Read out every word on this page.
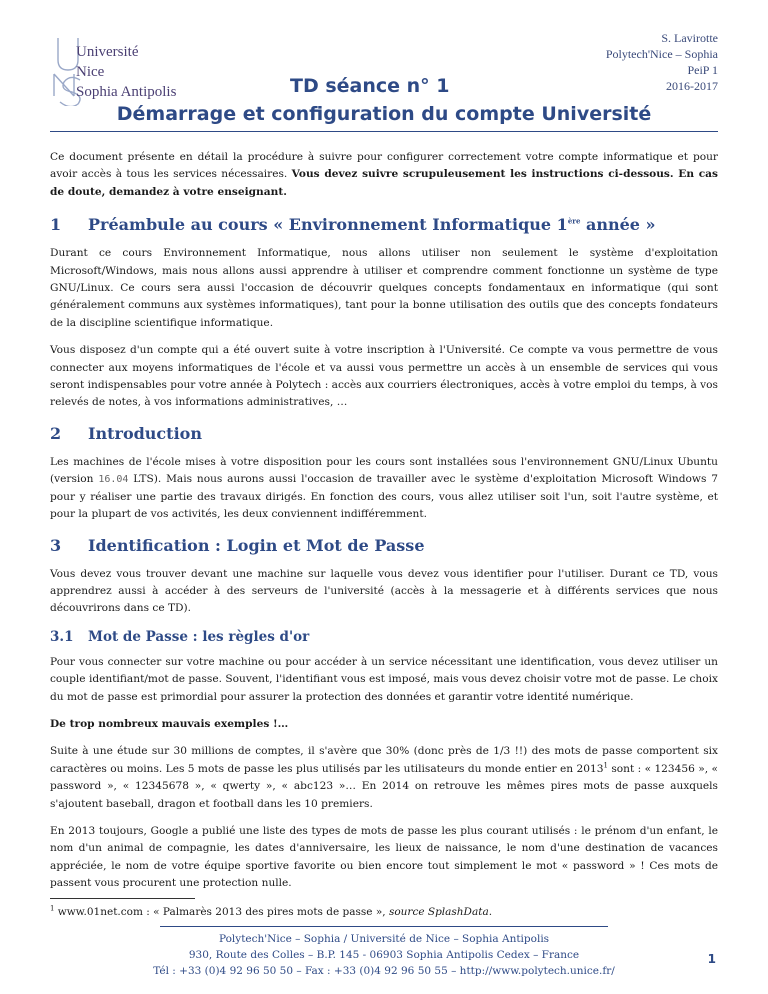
Université
Nice
Sophia Antipolis
S. Lavirotte
Polytech'Nice – Sophia
PeiP 1
2016-2017
TD séance n° 1
Démarrage et configuration du compte Université

Ce document présente en détail la procédure à suivre pour configurer correctement votre compte informatique et pour avoir accès à tous les services nécessaires. Vous devez suivre scrupuleusement les instructions ci-dessous. En cas de doute, demandez à votre enseignant.

1 Préambule au cours « Environnement Informatique 1ère année »

Durant ce cours Environnement Informatique, nous allons utiliser non seulement le système d'exploitation Microsoft/Windows, mais nous allons aussi apprendre à utiliser et comprendre comment fonctionne un système de type GNU/Linux. Ce cours sera aussi l'occasion de découvrir quelques concepts fondamentaux en informatique (qui sont généralement communs aux systèmes informatiques), tant pour la bonne utilisation des outils que des concepts fondateurs de la discipline scientifique informatique.

Vous disposez d'un compte qui a été ouvert suite à votre inscription à l'Université. Ce compte va vous permettre de vous connecter aux moyens informatiques de l'école et va aussi vous permettre un accès à un ensemble de services qui vous seront indispensables pour votre année à Polytech : accès aux courriers électroniques, accès à votre emploi du temps, à vos relevés de notes, à vos informations administratives, …

2 Introduction

Les machines de l'école mises à votre disposition pour les cours sont installées sous l'environnement GNU/Linux Ubuntu (version 16.04 LTS). Mais nous aurons aussi l'occasion de travailler avec le système d'exploitation Microsoft Windows 7 pour y réaliser une partie des travaux dirigés. En fonction des cours, vous allez utiliser soit l'un, soit l'autre système, et pour la plupart de vos activités, les deux conviennent indifféremment.

3 Identification : Login et Mot de Passe

Vous devez vous trouver devant une machine sur laquelle vous devez vous identifier pour l'utiliser. Durant ce TD, vous apprendrez aussi à accéder à des serveurs de l'université (accès à la messagerie et à différents services que nous découvrirons dans ce TD).

3.1 Mot de Passe : les règles d'or

Pour vous connecter sur votre machine ou pour accéder à un service nécessitant une identification, vous devez utiliser un couple identifiant/mot de passe. Souvent, l'identifiant vous est imposé, mais vous devez choisir votre mot de passe. Le choix du mot de passe est primordial pour assurer la protection des données et garantir votre identité numérique.

De trop nombreux mauvais exemples !…

Suite à une étude sur 30 millions de comptes, il s'avère que 30% (donc près de 1/3 !!) des mots de passe comportent six caractères ou moins. Les 5 mots de passe les plus utilisés par les utilisateurs du monde entier en 2013$^1$ sont : « 123456 », « password », « 12345678 », « qwerty », « abc123 »… En 2014 on retrouve les mêmes pires mots de passe auxquels s'ajoutent baseball, dragon et football dans les 10 premiers.

En 2013 toujours, Google a publié une liste des types de mots de passe les plus courant utilisés : le prénom d'un enfant, le nom d'un animal de compagnie, les dates d'anniversaire, les lieux de naissance, le nom d'une destination de vacances appréciée, le nom de votre équipe sportive favorite ou bien encore tout simplement le mot « password » ! Ces mots de passent vous procurent une protection nulle.

$^1$ www.01net.com : « Palmarès 2013 des pires mots de passe », source SplashData.
Polytech'Nice – Sophia / Université de Nice – Sophia Antipolis
930, Route des Colles – B.P. 145 - 06903 Sophia Antipolis Cedex – France
Tél : +33 (0)4 92 96 50 50 – Fax : +33 (0)4 92 96 50 55 – http://www.polytech.unice.fr/
1
